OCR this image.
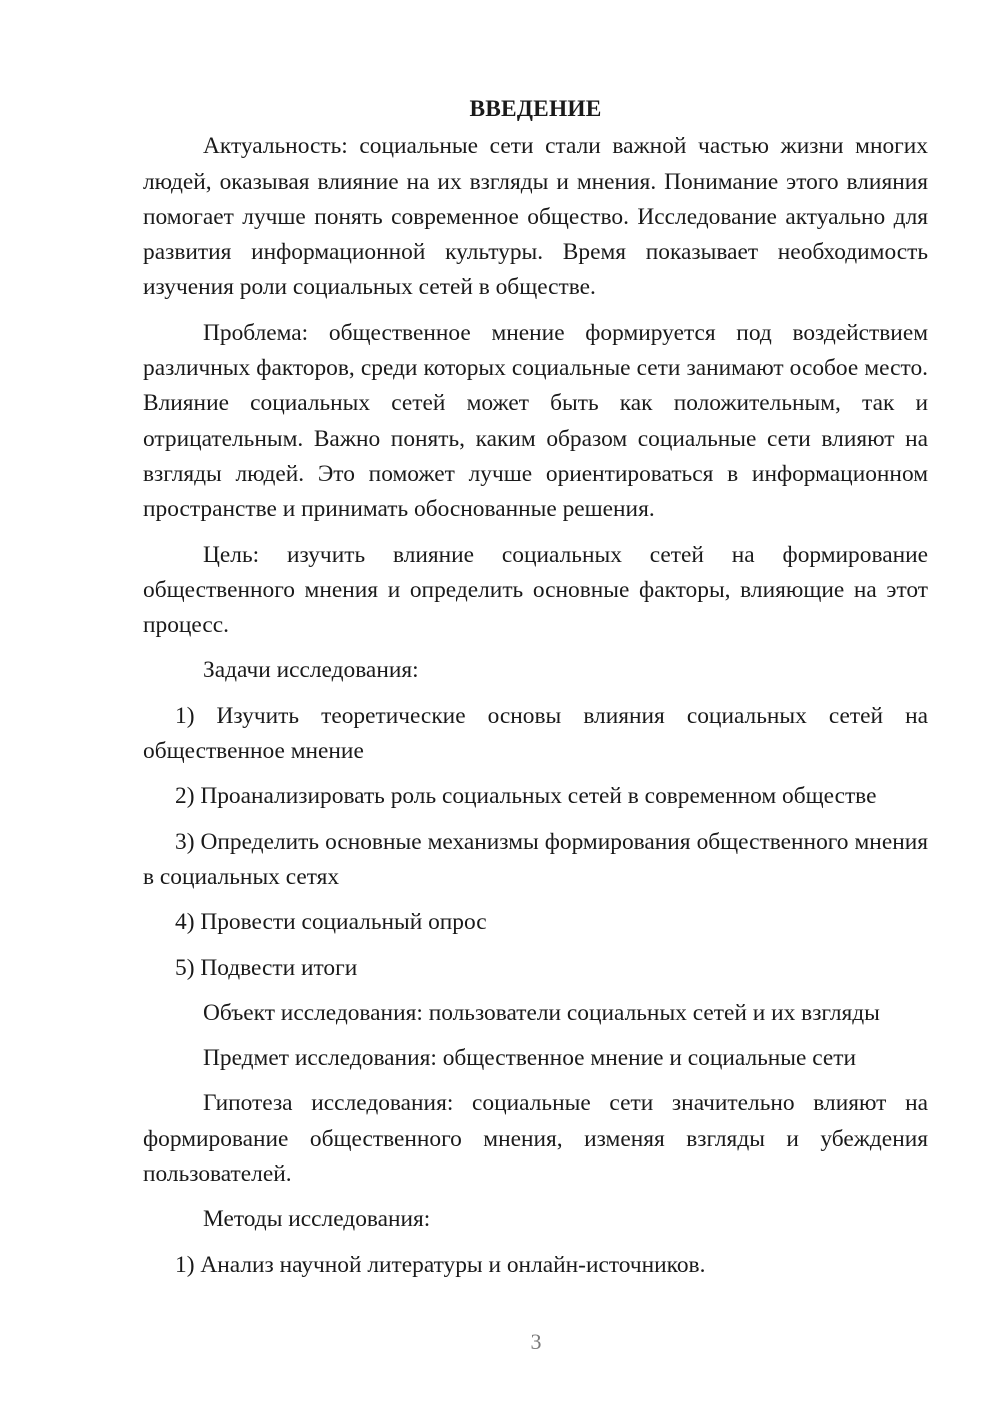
ВВЕДЕНИЕ

Актуальность: социальные сети стали важной частью жизни многих людей, оказывая влияние на их взгляды и мнения. Понимание этого влияния помогает лучше понять современное общество. Исследование актуально для развития информационной культуры. Время показывает необходимость изучения роли социальных сетей в обществе.

Проблема: общественное мнение формируется под воздействием различных факторов, среди которых социальные сети занимают особое место. Влияние социальных сетей может быть как положительным, так и отрицательным. Важно понять, каким образом социальные сети влияют на взгляды людей. Это поможет лучше ориентироваться в информационном пространстве и принимать обоснованные решения.

Цель: изучить влияние социальных сетей на формирование общественного мнения и определить основные факторы, влияющие на этот процесс.

Задачи исследования:

1) Изучить теоретические основы влияния социальных сетей на общественное мнение

2) Проанализировать роль социальных сетей в современном обществе

3) Определить основные механизмы формирования общественного мнения в социальных сетях

4) Провести социальный опрос

5) Подвести итоги

Объект исследования: пользователи социальных сетей и их взгляды

Предмет исследования: общественное мнение и социальные сети

Гипотеза исследования: социальные сети значительно влияют на формирование общественного мнения, изменяя взгляды и убеждения пользователей.

Методы исследования:

1) Анализ научной литературы и онлайн-источников.

3
